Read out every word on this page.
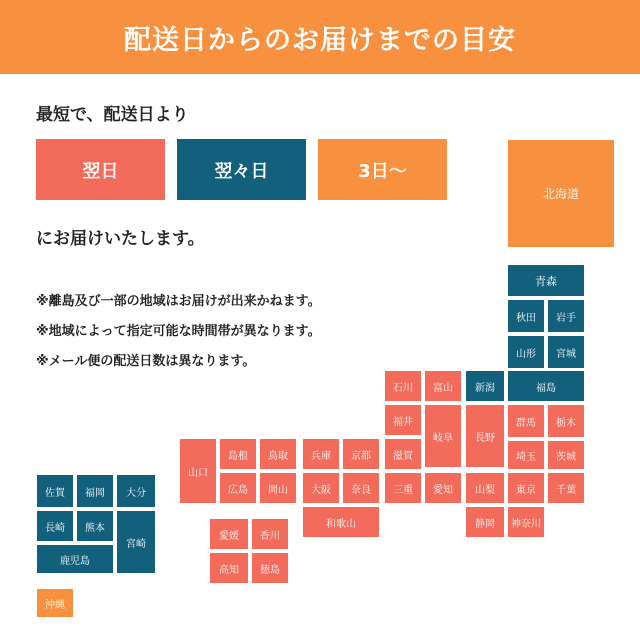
配送日からのお届けまでの目安
最短で、配送日より
翌日	翌々日	3日～
にお届けいたします。
※離島及び一部の地域はお届けが出来かねます。
※地域によって指定可能な時間帯が異なります。
※メール便の配送日数は異なります。
北海道
青森
秋田	岩手
山形	宮城
福島
石川	富山	新潟
福井
岐阜	長野
群馬	栃木
山口
島根	鳥取	兵庫	京都	滋賀	埼玉	茨城
広島	岡山	大阪	奈良	三重	愛知	山梨	東京	千葉
和歌山	静岡	神奈川
愛媛	香川
高知	徳島
佐賀	福岡	大分
長崎	熊本
宮崎
鹿児島
沖縄
